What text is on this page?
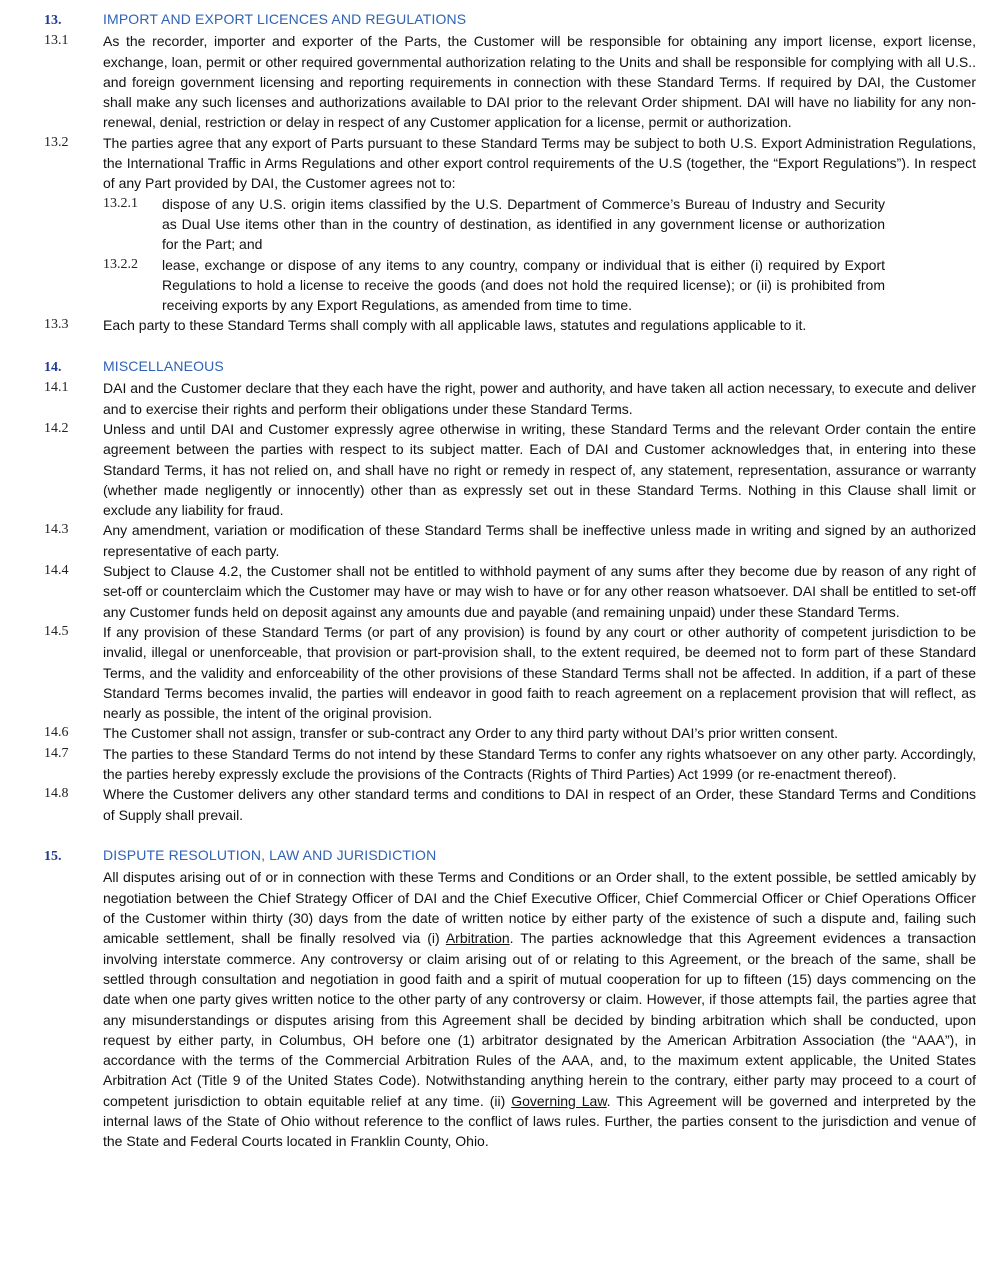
13.	IMPORT AND EXPORT LICENCES AND REGULATIONS
13.1	As the recorder, importer and exporter of the Parts, the Customer will be responsible for obtaining any import license, export license, exchange, loan, permit or other required governmental authorization relating to the Units and shall be responsible for complying with all U.S.. and foreign government licensing and reporting requirements in connection with these Standard Terms. If required by DAI, the Customer shall make any such licenses and authorizations available to DAI prior to the relevant Order shipment. DAI will have no liability for any non-renewal, denial, restriction or delay in respect of any Customer application for a license, permit or authorization.
13.2	The parties agree that any export of Parts pursuant to these Standard Terms may be subject to both U.S. Export Administration Regulations, the International Traffic in Arms Regulations and other export control requirements of the U.S (together, the “Export Regulations”). In respect of any Part provided by DAI, the Customer agrees not to:
13.2.1	dispose of any U.S. origin items classified by the U.S. Department of Commerce’s Bureau of Industry and Security as Dual Use items other than in the country of destination, as identified in any government license or authorization for the Part; and
13.2.2	lease, exchange or dispose of any items to any country, company or individual that is either (i) required by Export Regulations to hold a license to receive the goods (and does not hold the required license); or (ii) is prohibited from receiving exports by any Export Regulations, as amended from time to time.
13.3	Each party to these Standard Terms shall comply with all applicable laws, statutes and regulations applicable to it.
14.	MISCELLANEOUS
14.1	DAI and the Customer declare that they each have the right, power and authority, and have taken all action necessary, to execute and deliver and to exercise their rights and perform their obligations under these Standard Terms.
14.2	Unless and until DAI and Customer expressly agree otherwise in writing, these Standard Terms and the relevant Order contain the entire agreement between the parties with respect to its subject matter. Each of DAI and Customer acknowledges that, in entering into these Standard Terms, it has not relied on, and shall have no right or remedy in respect of, any statement, representation, assurance or warranty (whether made negligently or innocently) other than as expressly set out in these Standard Terms. Nothing in this Clause shall limit or exclude any liability for fraud.
14.3	Any amendment, variation or modification of these Standard Terms shall be ineffective unless made in writing and signed by an authorized representative of each party.
14.4	Subject to Clause 4.2, the Customer shall not be entitled to withhold payment of any sums after they become due by reason of any right of set-off or counterclaim which the Customer may have or may wish to have or for any other reason whatsoever. DAI shall be entitled to set-off any Customer funds held on deposit against any amounts due and payable (and remaining unpaid) under these Standard Terms.
14.5	If any provision of these Standard Terms (or part of any provision) is found by any court or other authority of competent jurisdiction to be invalid, illegal or unenforceable, that provision or part-provision shall, to the extent required, be deemed not to form part of these Standard Terms, and the validity and enforceability of the other provisions of these Standard Terms shall not be affected. In addition, if a part of these Standard Terms becomes invalid, the parties will endeavor in good faith to reach agreement on a replacement provision that will reflect, as nearly as possible, the intent of the original provision.
14.6	The Customer shall not assign, transfer or sub-contract any Order to any third party without DAI’s prior written consent.
14.7	The parties to these Standard Terms do not intend by these Standard Terms to confer any rights whatsoever on any other party. Accordingly, the parties hereby expressly exclude the provisions of the Contracts (Rights of Third Parties) Act 1999 (or re-enactment thereof).
14.8	Where the Customer delivers any other standard terms and conditions to DAI in respect of an Order, these Standard Terms and Conditions of Supply shall prevail.
15.	DISPUTE RESOLUTION, LAW AND JURISDICTION
All disputes arising out of or in connection with these Terms and Conditions or an Order shall, to the extent possible, be settled amicably by negotiation between the Chief Strategy Officer of DAI and the Chief Executive Officer, Chief Commercial Officer or Chief Operations Officer of the Customer within thirty (30) days from the date of written notice by either party of the existence of such a dispute and, failing such amicable settlement, shall be finally resolved via (i) Arbitration. The parties acknowledge that this Agreement evidences a transaction involving interstate commerce. Any controversy or claim arising out of or relating to this Agreement, or the breach of the same, shall be settled through consultation and negotiation in good faith and a spirit of mutual cooperation for up to fifteen (15) days commencing on the date when one party gives written notice to the other party of any controversy or claim. However, if those attempts fail, the parties agree that any misunderstandings or disputes arising from this Agreement shall be decided by binding arbitration which shall be conducted, upon request by either party, in Columbus, OH before one (1) arbitrator designated by the American Arbitration Association (the “AAA”), in accordance with the terms of the Commercial Arbitration Rules of the AAA, and, to the maximum extent applicable, the United States Arbitration Act (Title 9 of the United States Code). Notwithstanding anything herein to the contrary, either party may proceed to a court of competent jurisdiction to obtain equitable relief at any time. (ii) Governing Law. This Agreement will be governed and interpreted by the internal laws of the State of Ohio without reference to the conflict of laws rules. Further, the parties consent to the jurisdiction and venue of the State and Federal Courts located in Franklin County, Ohio.
